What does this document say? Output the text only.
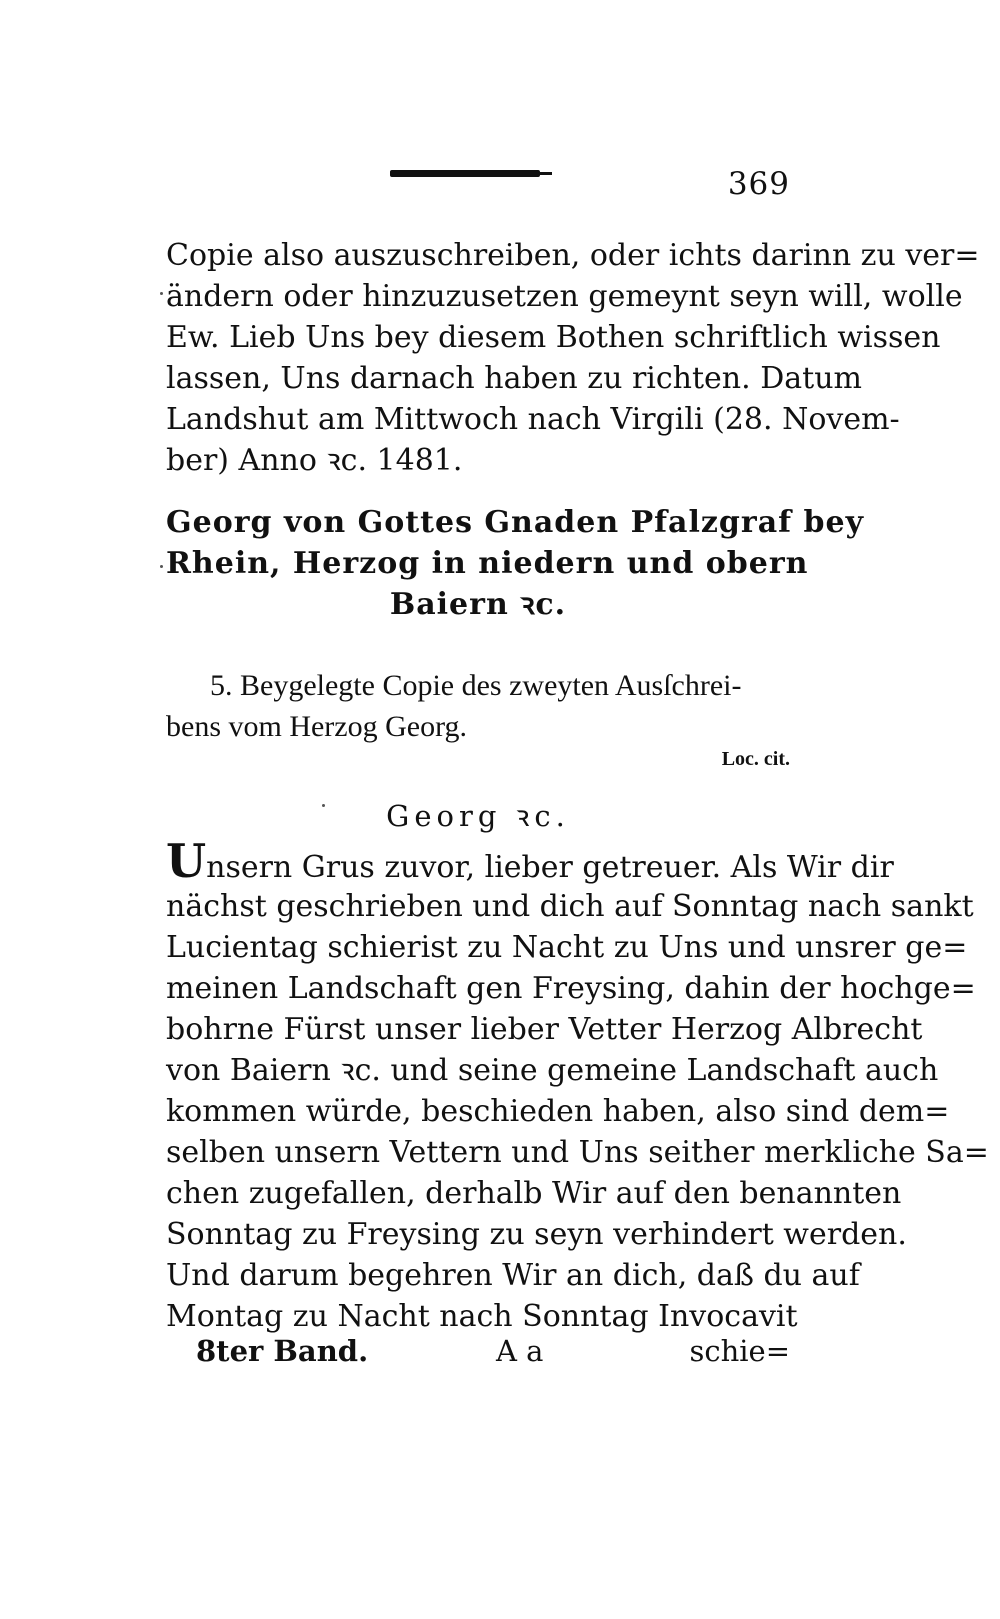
369
Copie also auszuschreiben, oder ichts darinn zu ver=
ändern oder hinzuzusetzen gemeynt seyn will, wolle
Ew. Lieb Uns bey diesem Bothen schriftlich wissen
lassen, Uns darnach haben zu richten. Datum
Landshut am Mittwoch nach Virgili (28. Novem-
ber) Anno ꝛc. 1481.
Georg von Gottes Gnaden Pfalzgraf bey
Rhein, Herzog in niedern und obern
Baiern ꝛc.
5. Beygelegte Copie des zweyten Ausſchrei-
bens vom Herzog Georg.
Loc. cit.
Georg ꝛc.
Unsern Grus zuvor, lieber getreuer. Als Wir dir
nächst geschrieben und dich auf Sonntag nach sankt
Lucientag schierist zu Nacht zu Uns und unsrer ge=
meinen Landschaft gen Freysing, dahin der hochge=
bohrne Fürst unser lieber Vetter Herzog Albrecht
von Baiern ꝛc. und seine gemeine Landschaft auch
kommen würde, beschieden haben, also sind dem=
selben unsern Vettern und Uns seither merkliche Sa=
chen zugefallen, derhalb Wir auf den benannten
Sonntag zu Freysing zu seyn verhindert werden.
Und darum begehren Wir an dich, daß du auf
Montag zu Nacht nach Sonntag Invocavit
8ter Band.	A a	schie=
